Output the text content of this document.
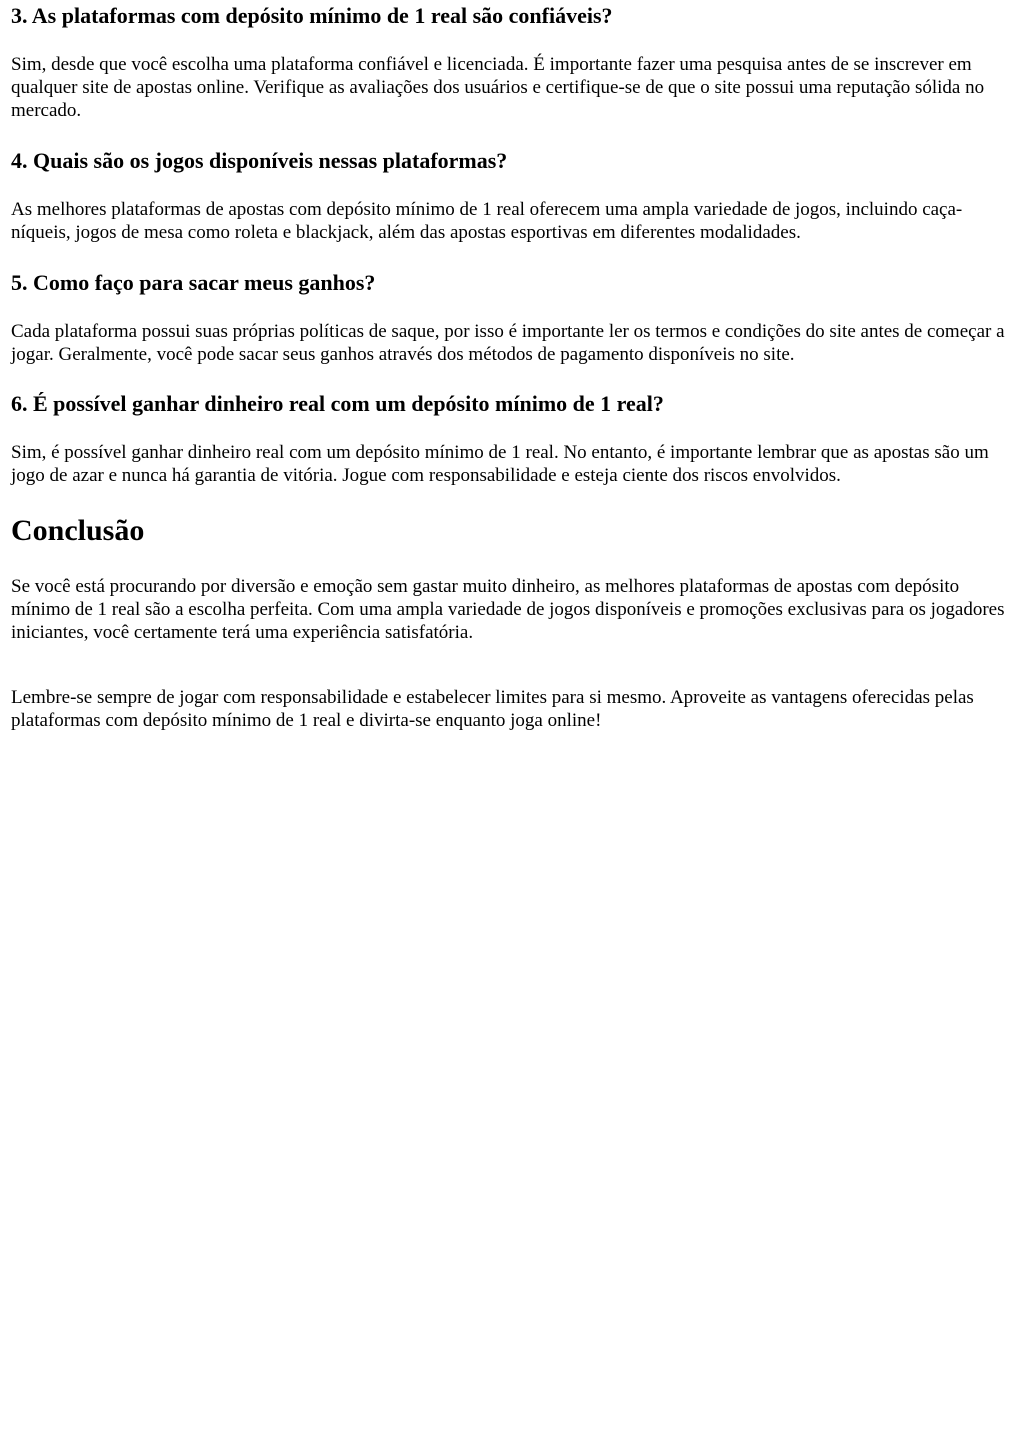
3. As plataformas com depósito mínimo de 1 real são confiáveis?

Sim, desde que você escolha uma plataforma confiável e licenciada. É importante fazer uma pesquisa antes de se inscrever em qualquer site de apostas online. Verifique as avaliações dos usuários e certifique-se de que o site possui uma reputação sólida no mercado.

4. Quais são os jogos disponíveis nessas plataformas?

As melhores plataformas de apostas com depósito mínimo de 1 real oferecem uma ampla variedade de jogos, incluindo caça-níqueis, jogos de mesa como roleta e blackjack, além das apostas esportivas em diferentes modalidades.

5. Como faço para sacar meus ganhos?

Cada plataforma possui suas próprias políticas de saque, por isso é importante ler os termos e condições do site antes de começar a jogar. Geralmente, você pode sacar seus ganhos através dos métodos de pagamento disponíveis no site.

6. É possível ganhar dinheiro real com um depósito mínimo de 1 real?

Sim, é possível ganhar dinheiro real com um depósito mínimo de 1 real. No entanto, é importante lembrar que as apostas são um jogo de azar e nunca há garantia de vitória. Jogue com responsabilidade e esteja ciente dos riscos envolvidos.

Conclusão

Se você está procurando por diversão e emoção sem gastar muito dinheiro, as melhores plataformas de apostas com depósito mínimo de 1 real são a escolha perfeita. Com uma ampla variedade de jogos disponíveis e promoções exclusivas para os jogadores iniciantes, você certamente terá uma experiência satisfatória.

Lembre-se sempre de jogar com responsabilidade e estabelecer limites para si mesmo. Aproveite as vantagens oferecidas pelas plataformas com depósito mínimo de 1 real e divirta-se enquanto joga online!
